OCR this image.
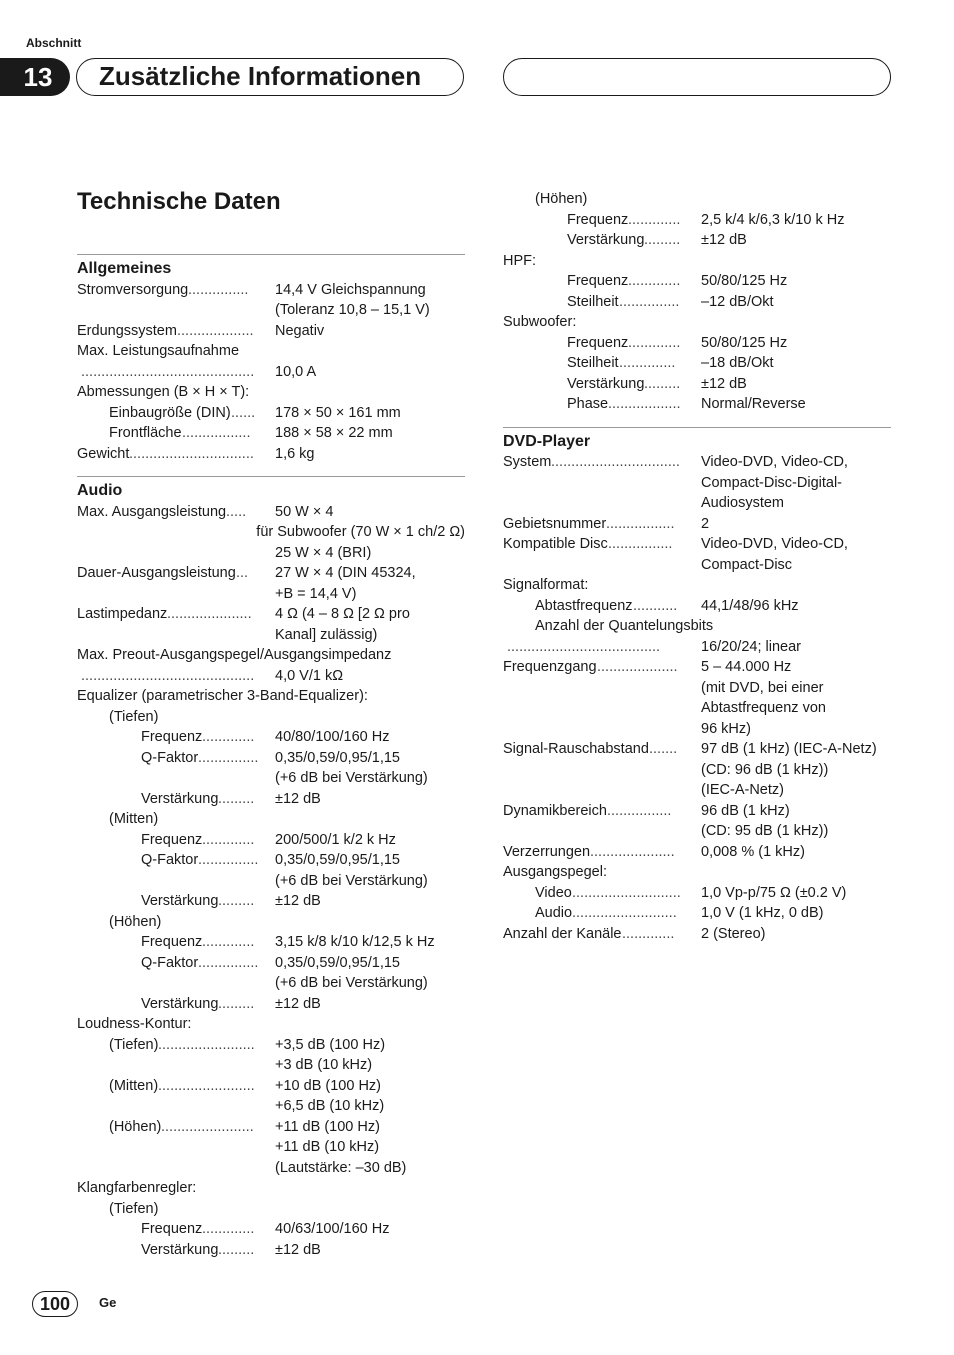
Abschnitt
13	Zusätzliche Informationen
Technische Daten
Allgemeines
Stromversorgung ...............	14,4 V Gleichspannung
(Toleranz 10,8 – 15,1 V)
Erdungssystem ...................	Negativ
Max. Leistungsaufnahme
...........................................	10,0 A
Abmessungen (B × H × T):
Einbaugröße (DIN) ......	178 × 50 × 161 mm
Frontfläche .................	188 × 58 × 22 mm
Gewicht ...............................	1,6 kg
Audio
Max. Ausgangsleistung .....	50 W × 4
für Subwoofer (70 W × 1 ch/2 Ω)
25 W × 4 (BRI)
Dauer-Ausgangsleistung ...	27 W × 4 (DIN 45324,
+B = 14,4 V)
Lastimpedanz .....................	4 Ω (4 – 8 Ω [2 Ω pro
Kanal] zulässig)
Max. Preout-Ausgangspegel/Ausgangsimpedanz
...........................................	4,0 V/1 kΩ
Equalizer (parametrischer 3-Band-Equalizer):
(Tiefen)
Frequenz .............	40/80/100/160 Hz
Q-Faktor ...............	0,35/0,59/0,95/1,15
(+6 dB bei Verstärkung)
Verstärkung .........	±12 dB
(Mitten)
Frequenz .............	200/500/1 k/2 k Hz
Q-Faktor ...............	0,35/0,59/0,95/1,15
(+6 dB bei Verstärkung)
Verstärkung .........	±12 dB
(Höhen)
Frequenz .............	3,15 k/8 k/10 k/12,5 k Hz
Q-Faktor ...............	0,35/0,59/0,95/1,15
(+6 dB bei Verstärkung)
Verstärkung .........	±12 dB
Loudness-Kontur:
(Tiefen) ........................	+3,5 dB (100 Hz)
+3 dB (10 kHz)
(Mitten) ........................	+10 dB (100 Hz)
+6,5 dB (10 kHz)
(Höhen) .......................	+11 dB (100 Hz)
+11 dB (10 kHz)
(Lautstärke: –30 dB)
Klangfarbenregler:
(Tiefen)
Frequenz .............	40/63/100/160 Hz
Verstärkung .........	±12 dB
(Höhen)
Frequenz .............	2,5 k/4 k/6,3 k/10 k Hz
Verstärkung .........	±12 dB
HPF:
Frequenz .............	50/80/125 Hz
Steilheit ...............	–12 dB/Okt
Subwoofer:
Frequenz .............	50/80/125 Hz
Steilheit ..............	–18 dB/Okt
Verstärkung .........	±12 dB
Phase ..................	Normal/Reverse
DVD-Player
System ................................	Video-DVD, Video-CD,
Compact-Disc-Digital-
Audiosystem
Gebietsnummer .................	2
Kompatible Disc ................	Video-DVD, Video-CD,
Compact-Disc
Signalformat:
Abtastfrequenz ...........	44,1/48/96 kHz
Anzahl der Quantelungsbits
......................................	16/20/24; linear
Frequenzgang ....................	5 – 44.000 Hz
(mit DVD, bei einer
Abtastfrequenz von
96 kHz)
Signal-Rauschabstand .......	97 dB (1 kHz) (IEC-A-Netz)
(CD: 96 dB (1 kHz))
(IEC-A-Netz)
Dynamikbereich ................	96 dB (1 kHz)
(CD: 95 dB (1 kHz))
Verzerrungen .....................	0,008 % (1 kHz)
Ausgangspegel:
Video ...........................	1,0 Vp-p/75 Ω (±0.2 V)
Audio ..........................	1,0 V (1 kHz, 0 dB)
Anzahl der Kanäle .............	2 (Stereo)
100	Ge
